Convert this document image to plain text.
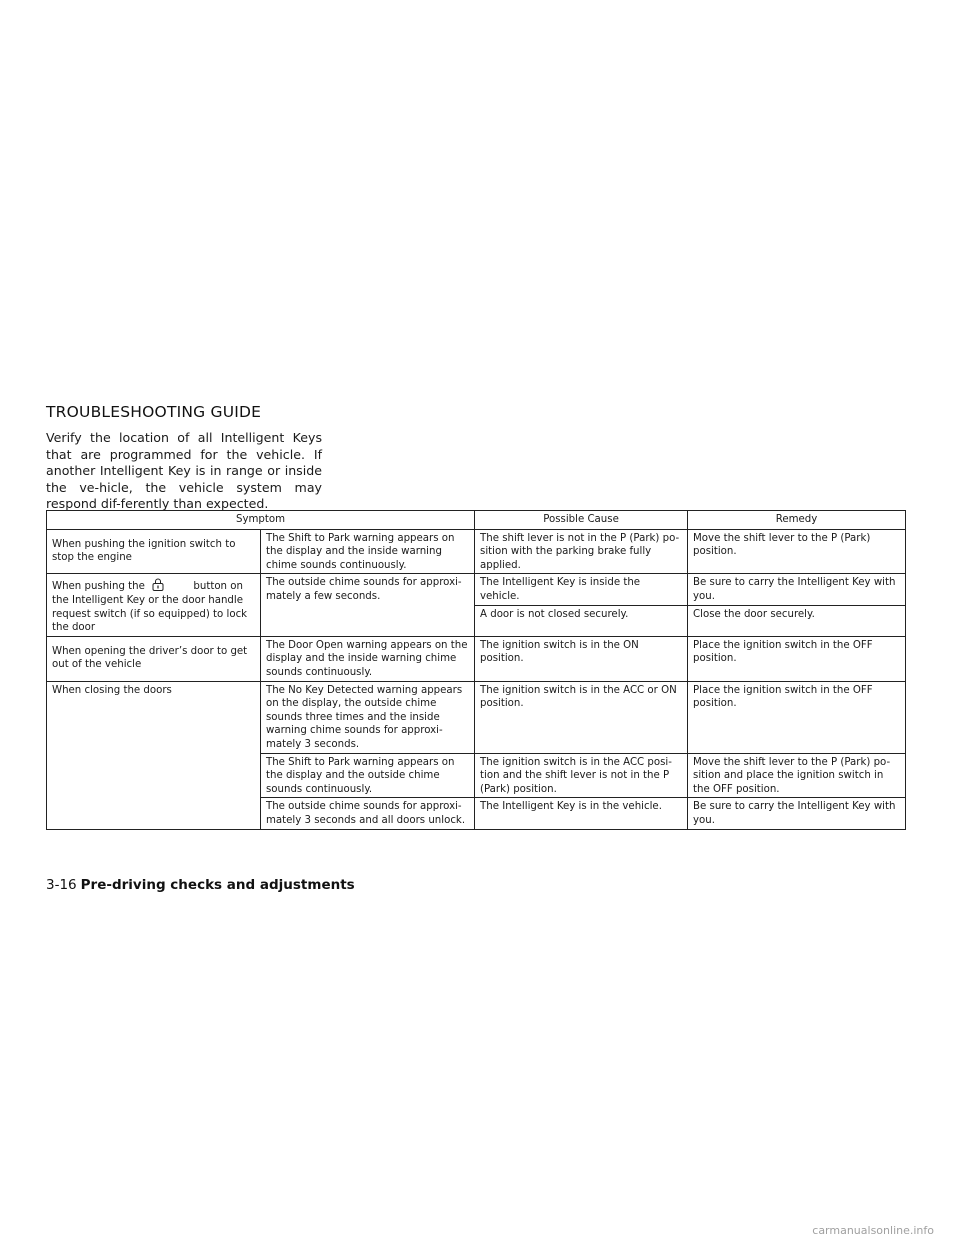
TROUBLESHOOTING GUIDE

Verify the location of all Intelligent Keys that are programmed for the vehicle. If another Intelligent Key is in range or inside the ve-hicle, the vehicle system may respond dif-ferently than expected.

Symptom		Possible Cause	Remedy
When pushing the ignition switch to stop the engine	The Shift to Park warning appears on the display and the inside warning chime sounds continuously.	The shift lever is not in the P (Park) po-sition with the parking brake fully applied.	Move the shift lever to the P (Park) position.
When pushing the button on the Intelligent Key or the door handle request switch (if so equipped) to lock the door	The outside chime sounds for approxi-mately a few seconds.	The Intelligent Key is inside the vehicle.	Be sure to carry the Intelligent Key with you.
		A door is not closed securely.	Close the door securely.
When opening the driver’s door to get out of the vehicle	The Door Open warning appears on the display and the inside warning chime sounds continuously.	The ignition switch is in the ON position.	Place the ignition switch in the OFF position.
When closing the doors	The No Key Detected warning appears on the display, the outside chime sounds three times and the inside warning chime sounds for approxi-mately 3 seconds.	The ignition switch is in the ACC or ON position.	Place the ignition switch in the OFF position.
	The Shift to Park warning appears on the display and the outside chime sounds continuously.	The ignition switch is in the ACC posi-tion and the shift lever is not in the P (Park) position.	Move the shift lever to the P (Park) po-sition and place the ignition switch in the OFF position.
	The outside chime sounds for approxi-mately 3 seconds and all doors unlock.	The Intelligent Key is in the vehicle.	Be sure to carry the Intelligent Key with you.
3-16 Pre-driving checks and adjustments
carmanualsonline.info
